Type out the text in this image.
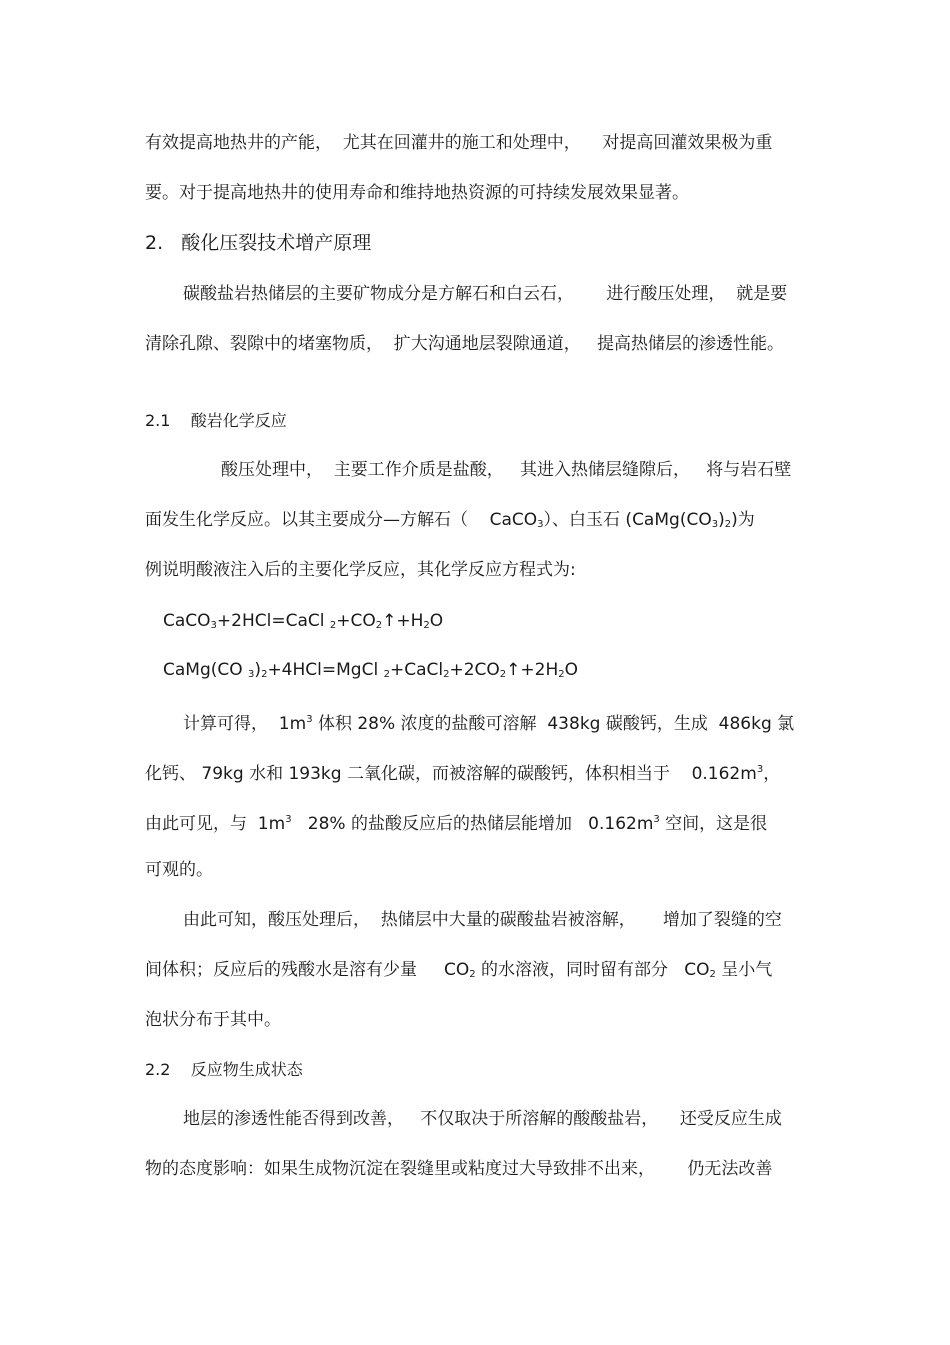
有效提高地热井的产能，  尤其在回灌井的施工和处理中，    对提高回灌效果极为重
要。对于提高地热井的使用寿命和维持地热资源的可持续发展效果显著。
2. 酸化压裂技术增产原理
碳酸盐岩热储层的主要矿物成分是方解石和白云石，      进行酸压处理，  就是要
清除孔隙、裂隙中的堵塞物质，  扩大沟通地层裂隙通道，   提高热储层的渗透性能。
2.1 酸岩化学反应
酸压处理中，  主要工作介质是盐酸，   其进入热储层缝隙后，   将与岩石壁
面发生化学反应。以其主要成分—方解石（    CaCO$_3$）、白玉石 $(CaMg(CO_3)_2)$为
例说明酸液注入后的主要化学反应，其化学反应方程式为:
CaCO$_3$+2HCl=CaCl $_2+CO_2↑+H_2O$
CaMg(CO $_3)_2+4HCl=MgCl$ $_2+CaCl_2+2CO_2↑+2H_2O$
计算可得，  $1m^3$ 体积 28% 浓度的盐酸可溶解  438kg 碳酸钙，生成  486kg 氯
化钙、 79kg 水和 193kg 二氧化碳，而被溶解的碳酸钙，体积相当于    $0.162m^3$，
由此可见，与  $1m^3$   28% 的盐酸反应后的热储层能增加   $0.162m^3$ 空间，这是很
可观的。
由此可知，酸压处理后，  热储层中大量的碳酸盐岩被溶解，     增加了裂缝的空
间体积；反应后的残酸水是溶有少量     $CO_2$ 的水溶液，同时留有部分   $CO_2$ 呈小气
泡状分布于其中。
2.2 反应物生成状态
地层的渗透性能否得到改善，   不仅取决于所溶解的酸酸盐岩，    还受反应生成
物的态度影响：如果生成物沉淀在裂缝里或粘度过大导致排不出来，      仍无法改善
